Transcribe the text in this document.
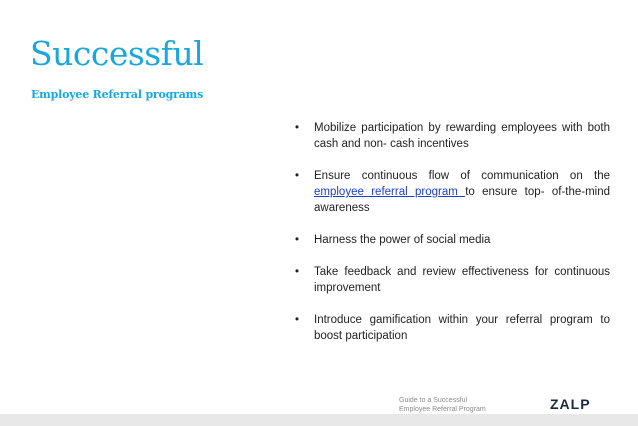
Successful
Employee Referral programs
• Mobilize participation by rewarding employees with both cash and non- cash incentives
• Ensure continuous flow of communication on the employee referral program to ensure top- of-the-mind awareness
• Harness the power of social media
• Take feedback and review effectiveness for continuous improvement
• Introduce gamification within your referral program to boost participation
Guide to a Successful
Employee Referral Program	ZALP
